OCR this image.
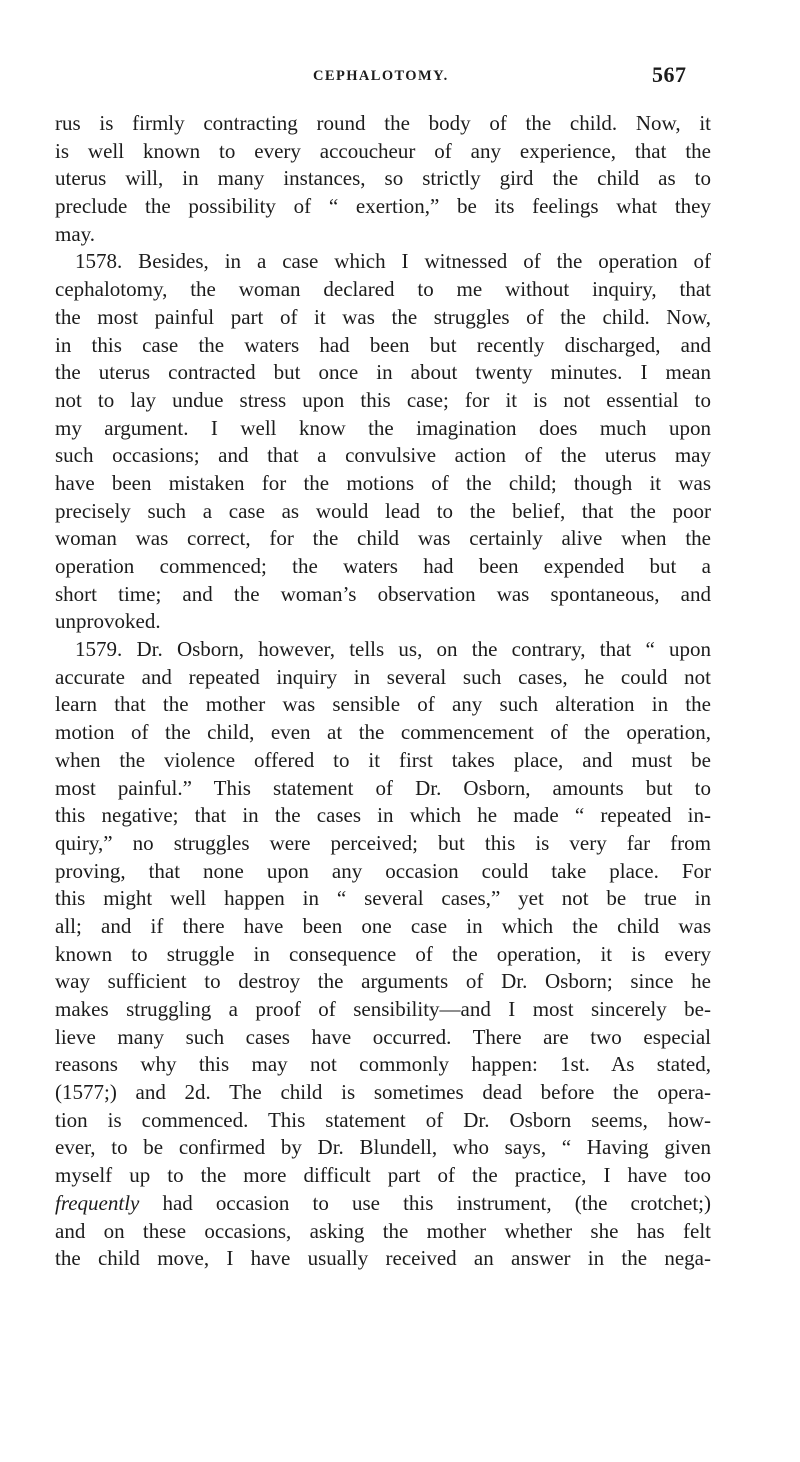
CEPHALOTOMY.	567
rus is firmly contracting round the body of the child. Now, it
is well known to every accoucheur of any experience, that the
uterus will, in many instances, so strictly gird the child as to
preclude the possibility of “ exertion,” be its feelings what they
may.
1578. Besides, in a case which I witnessed of the operation of
cephalotomy, the woman declared to me without inquiry, that
the most painful part of it was the struggles of the child. Now,
in this case the waters had been but recently discharged, and
the uterus contracted but once in about twenty minutes. I mean
not to lay undue stress upon this case; for it is not essential to
my argument. I well know the imagination does much upon
such occasions; and that a convulsive action of the uterus may
have been mistaken for the motions of the child; though it was
precisely such a case as would lead to the belief, that the poor
woman was correct, for the child was certainly alive when the
operation commenced; the waters had been expended but a
short time; and the woman’s observation was spontaneous, and
unprovoked.
1579. Dr. Osborn, however, tells us, on the contrary, that “ upon
accurate and repeated inquiry in several such cases, he could not
learn that the mother was sensible of any such alteration in the
motion of the child, even at the commencement of the operation,
when the violence offered to it first takes place, and must be
most painful.” This statement of Dr. Osborn, amounts but to
this negative; that in the cases in which he made “ repeated in-
quiry,” no struggles were perceived; but this is very far from
proving, that none upon any occasion could take place. For
this might well happen in “ several cases,” yet not be true in
all; and if there have been one case in which the child was
known to struggle in consequence of the operation, it is every
way sufficient to destroy the arguments of Dr. Osborn; since he
makes struggling a proof of sensibility—and I most sincerely be-
lieve many such cases have occurred. There are two especial
reasons why this may not commonly happen: 1st. As stated,
(1577;) and 2d. The child is sometimes dead before the opera-
tion is commenced. This statement of Dr. Osborn seems, how-
ever, to be confirmed by Dr. Blundell, who says, “ Having given
myself up to the more difficult part of the practice, I have too
frequently had occasion to use this instrument, (the crotchet;)
and on these occasions, asking the mother whether she has felt
the child move, I have usually received an answer in the nega-
